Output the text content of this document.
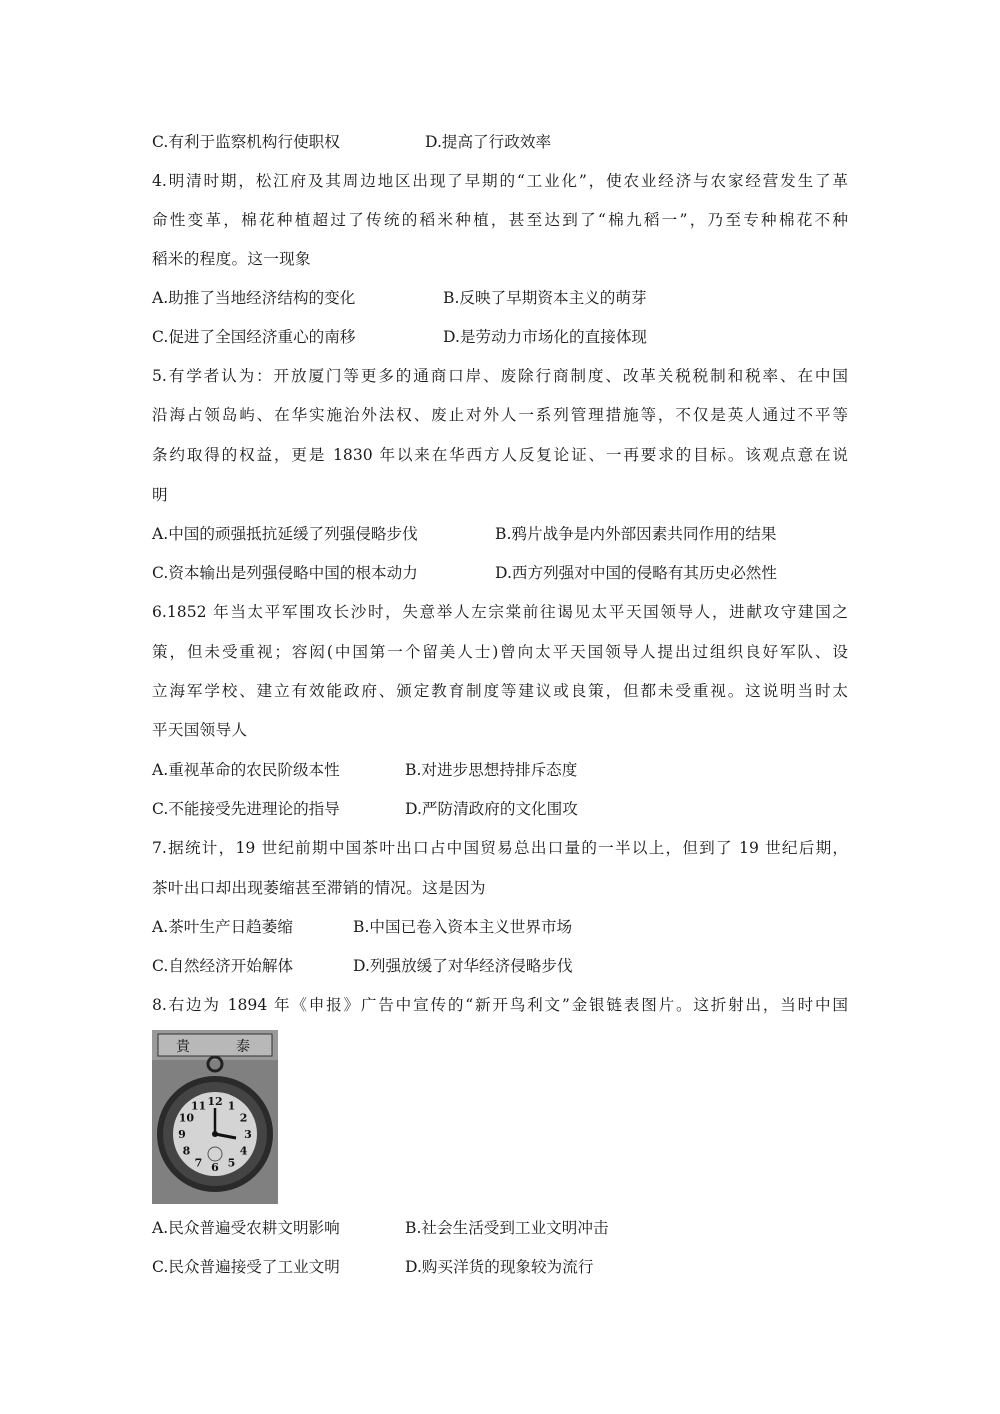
C.有利于监察机构行使职权	D.提高了行政效率
4.明清时期，松江府及其周边地区出现了早期的“工业化”，使农业经济与农家经营发生了革
命性变革，棉花种植超过了传统的稻米种植，甚至达到了“棉九稻一”，乃至专种棉花不种
稻米的程度。这一现象
A.助推了当地经济结构的变化	B.反映了早期资本主义的萌芽
C.促进了全国经济重心的南移	D.是劳动力市场化的直接体现
5.有学者认为：开放厦门等更多的通商口岸、废除行商制度、改革关税税制和税率、在中国
沿海占领岛屿、在华实施治外法权、废止对外人一系列管理措施等，不仅是英人通过不平等
条约取得的权益，更是 1830 年以来在华西方人反复论证、一再要求的目标。该观点意在说
明
A.中国的顽强抵抗延缓了列强侵略步伐	B.鸦片战争是内外部因素共同作用的结果
C.资本输出是列强侵略中国的根本动力	D.西方列强对中国的侵略有其历史必然性
6.1852 年当太平军围攻长沙时，失意举人左宗棠前往谒见太平天国领导人，进献攻守建国之
策，但未受重视；容闳(中国第一个留美人士)曾向太平天国领导人提出过组织良好军队、设
立海军学校、建立有效能政府、颁定教育制度等建议或良策，但都未受重视。这说明当时太
平天国领导人
A.重视革命的农民阶级本性	B.对进步思想持排斥态度
C.不能接受先进理论的指导	D.严防清政府的文化围攻
7.据统计，19 世纪前期中国茶叶出口占中国贸易总出口量的一半以上，但到了 19 世纪后期，
茶叶出口却出现萎缩甚至滞销的情况。这是因为
A.茶叶生产日趋萎缩	B.中国已卷入资本主义世界市场
C.自然经济开始解体	D.列强放缓了对华经济侵略步伐
8.右边为 1894 年《申报》广告中宣传的“新开鸟利文”金银链表图片。这折射出，当时中国
貴	泰
11 12 1
2
3
4
5
6
7
8
9
10
A.民众普遍受农耕文明影响	B.社会生活受到工业文明冲击
C.民众普遍接受了工业文明	D.购买洋货的现象较为流行
